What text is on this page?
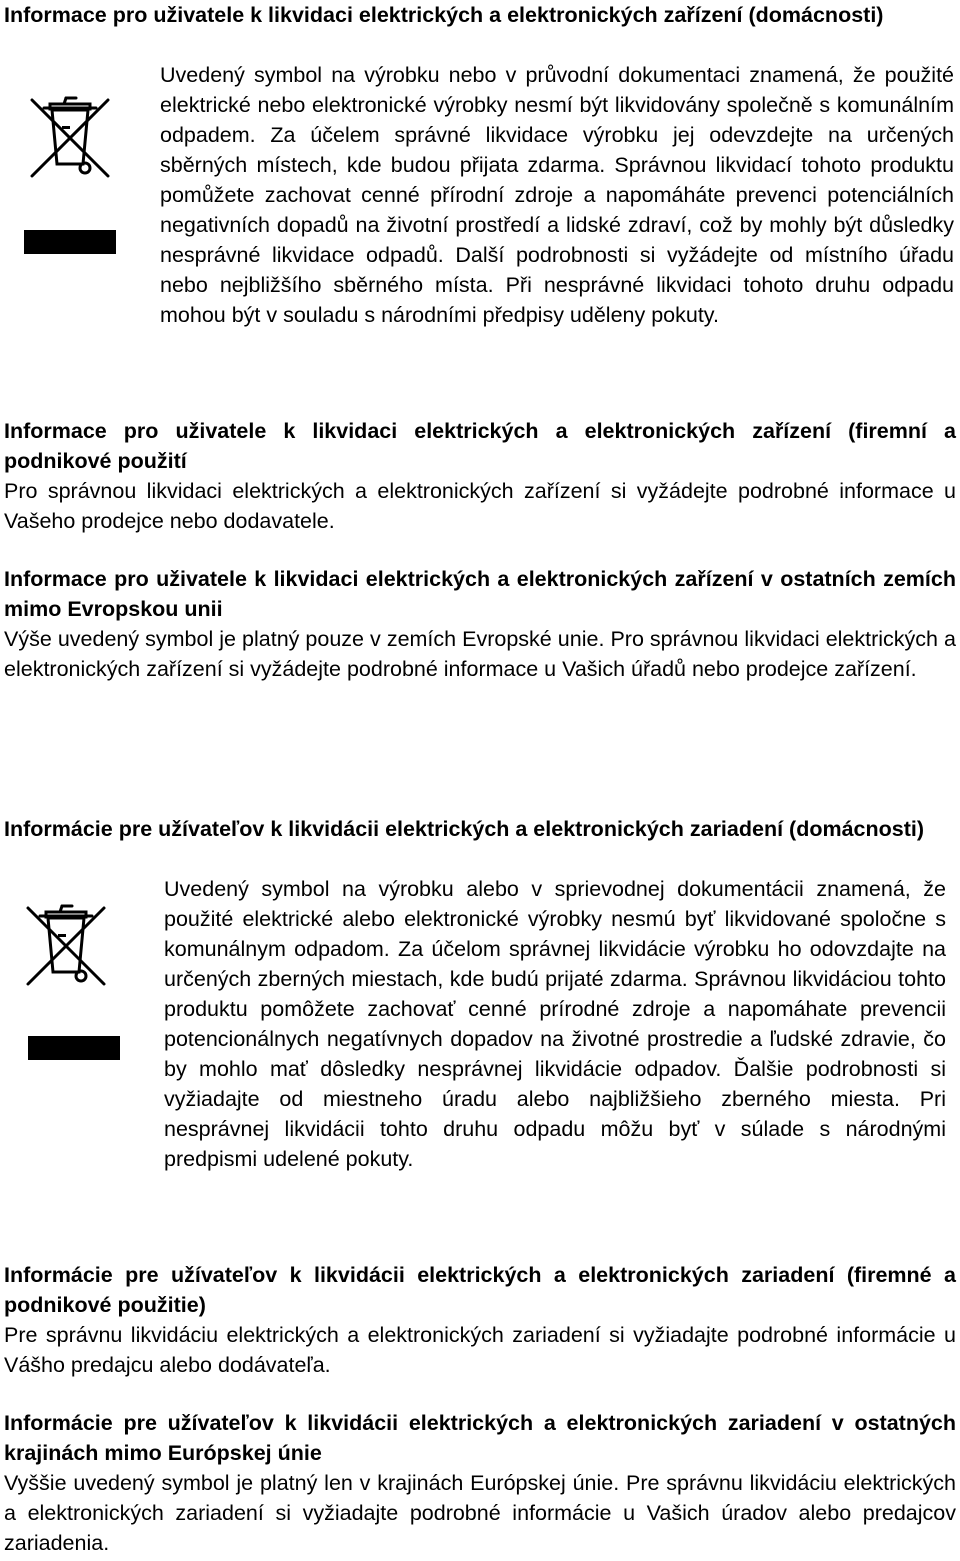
Informace pro uživatele k likvidaci elektrických a elektronických zařízení (domácnosti)
Uvedený symbol na výrobku nebo v průvodní dokumentaci znamená, že použité elektrické nebo elektronické výrobky nesmí být likvidovány společně s komunálním odpadem. Za účelem správné likvidace výrobku jej odevzdejte na určených sběrných místech, kde budou přijata zdarma. Správnou likvidací tohoto produktu pomůžete zachovat cenné přírodní zdroje a napomáháte prevenci potenciálních negativních dopadů na životní prostředí a lidské zdraví, což by mohly být důsledky nesprávné likvidace odpadů. Další podrobnosti si vyžádejte od místního úřadu nebo nejbližšího sběrného místa. Při nesprávné likvidaci tohoto druhu odpadu mohou být v souladu s národními předpisy uděleny pokuty.
Informace pro uživatele k likvidaci elektrických a elektronických zařízení (firemní a podnikové použití

Pro správnou likvidaci elektrických a elektronických zařízení si vyžádejte podrobné informace u Vašeho prodejce nebo dodavatele.

Informace pro uživatele k likvidaci elektrických a elektronických zařízení v ostatních zemích mimo Evropskou unii

Výše uvedený symbol je platný pouze v zemích Evropské unie. Pro správnou likvidaci elektrických a elektronických zařízení si vyžádejte podrobné informace u Vašich úřadů nebo prodejce zařízení.

Informácie pre užívateľov k likvidácii elektrických a elektronických zariadení (domácnosti)
Uvedený symbol na výrobku alebo v sprievodnej dokumentácii znamená, že použité elektrické alebo elektronické výrobky nesmú byť likvidované spoločne s komunálnym odpadom. Za účelom správnej likvidácie výrobku ho odovzdajte na určených zberných miestach, kde budú prijaté zdarma. Správnou likvidáciou tohto produktu pomôžete zachovať cenné prírodné zdroje a napomáhate prevencii potencionálnych negatívnych dopadov na životné prostredie a ľudské zdravie, čo by mohlo mať dôsledky nesprávnej likvidácie odpadov. Ďalšie podrobnosti si vyžiadajte od miestneho úradu alebo najbližšieho zberného miesta. Pri nesprávnej likvidácii tohto druhu odpadu môžu byť v súlade s národnými predpismi udelené pokuty.
Informácie pre užívateľov k likvidácii elektrických a elektronických zariadení (firemné a podnikové použitie)

Pre správnu likvidáciu elektrických a elektronických zariadení si vyžiadajte podrobné informácie u Vášho predajcu alebo dodávateľa.

Informácie pre užívateľov k likvidácii elektrických a elektronických zariadení v ostatných krajinách mimo Európskej únie

Vyššie uvedený symbol je platný len v krajinách Európskej únie. Pre správnu likvidáciu elektrických a elektronických zariadení si vyžiadajte podrobné informácie u Vašich úradov alebo predajcov zariadenia.
